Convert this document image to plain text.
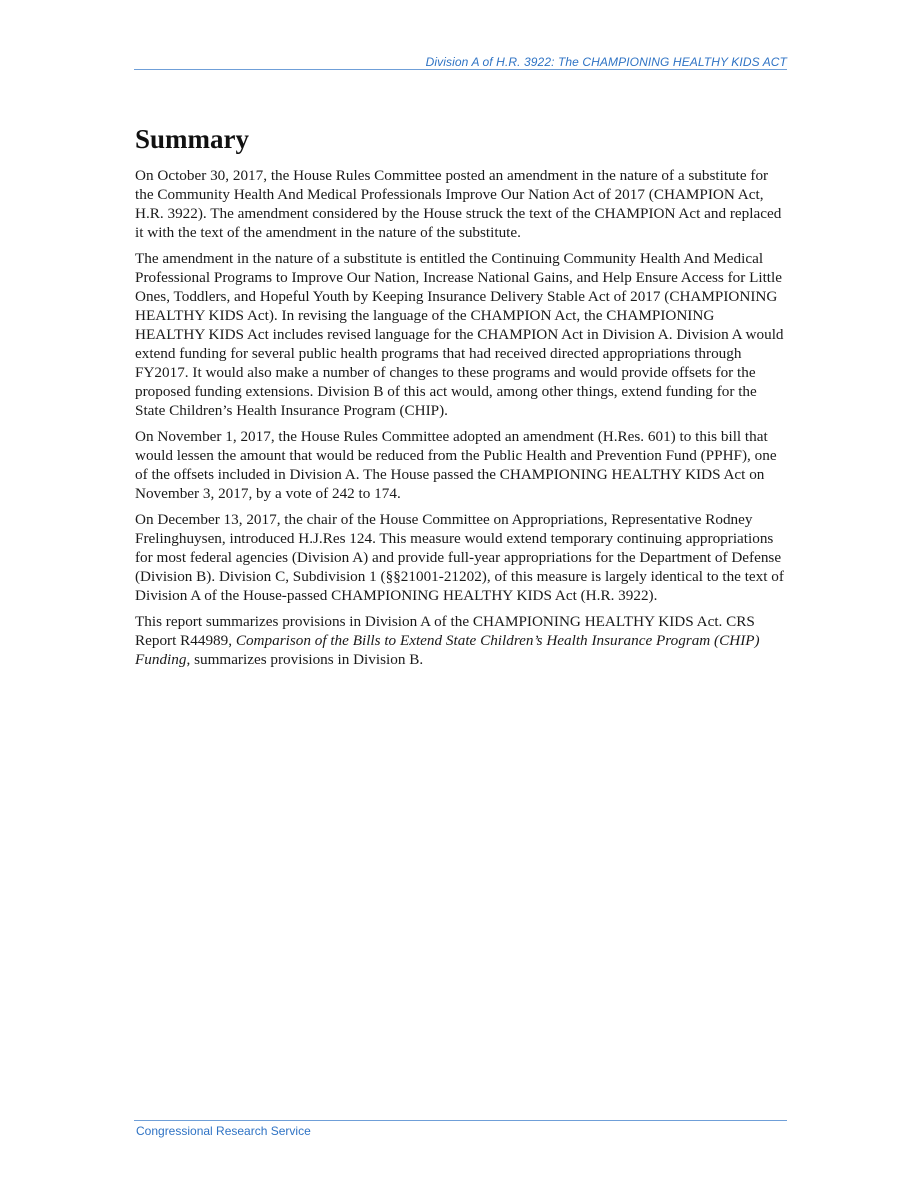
Division A of H.R. 3922: The CHAMPIONING HEALTHY KIDS ACT
Summary

On October 30, 2017, the House Rules Committee posted an amendment in the nature of a substitute for the Community Health And Medical Professionals Improve Our Nation Act of 2017 (CHAMPION Act, H.R. 3922). The amendment considered by the House struck the text of the CHAMPION Act and replaced it with the text of the amendment in the nature of the substitute.

The amendment in the nature of a substitute is entitled the Continuing Community Health And Medical Professional Programs to Improve Our Nation, Increase National Gains, and Help Ensure Access for Little Ones, Toddlers, and Hopeful Youth by Keeping Insurance Delivery Stable Act of 2017 (CHAMPIONING HEALTHY KIDS Act). In revising the language of the CHAMPION Act, the CHAMPIONING HEALTHY KIDS Act includes revised language for the CHAMPION Act in Division A. Division A would extend funding for several public health programs that had received directed appropriations through FY2017. It would also make a number of changes to these programs and would provide offsets for the proposed funding extensions. Division B of this act would, among other things, extend funding for the State Children’s Health Insurance Program (CHIP).

On November 1, 2017, the House Rules Committee adopted an amendment (H.Res. 601) to this bill that would lessen the amount that would be reduced from the Public Health and Prevention Fund (PPHF), one of the offsets included in Division A. The House passed the CHAMPIONING HEALTHY KIDS Act on November 3, 2017, by a vote of 242 to 174.

On December 13, 2017, the chair of the House Committee on Appropriations, Representative Rodney Frelinghuysen, introduced H.J.Res 124. This measure would extend temporary continuing appropriations for most federal agencies (Division A) and provide full-year appropriations for the Department of Defense (Division B). Division C, Subdivision 1 (§§21001-21202), of this measure is largely identical to the text of Division A of the House-passed CHAMPIONING HEALTHY KIDS Act (H.R. 3922).

This report summarizes provisions in Division A of the CHAMPIONING HEALTHY KIDS Act. CRS Report R44989, Comparison of the Bills to Extend State Children’s Health Insurance Program (CHIP) Funding, summarizes provisions in Division B.

Congressional Research Service
